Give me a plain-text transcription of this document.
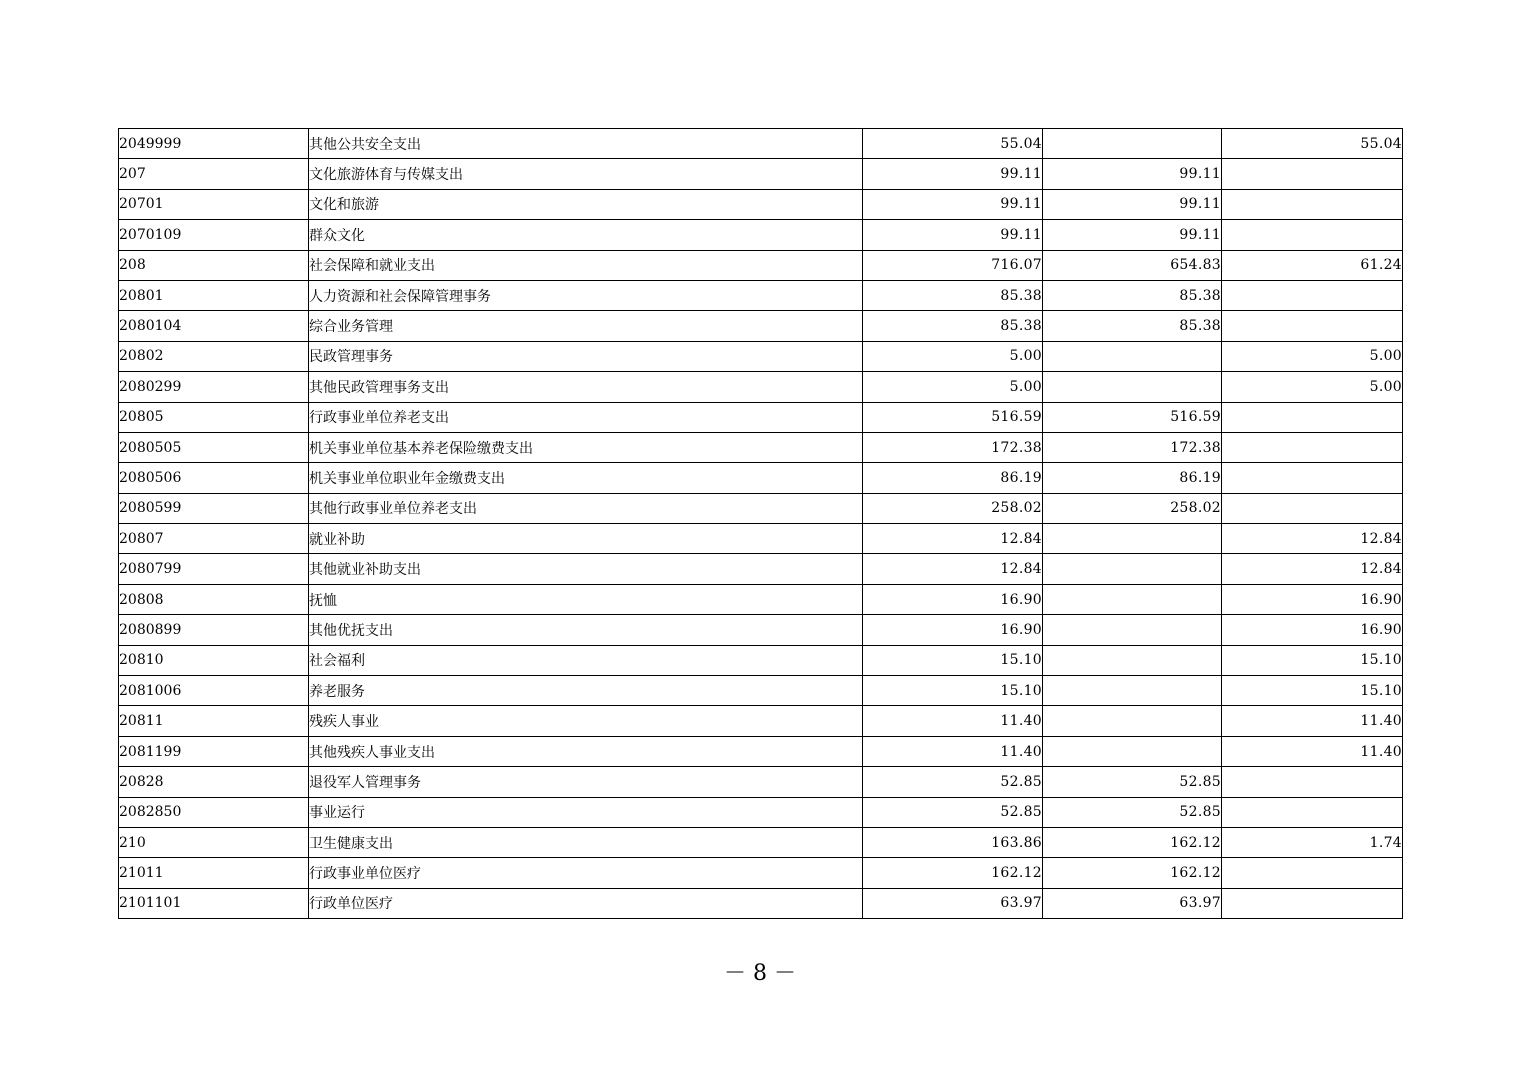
2049999	其他公共安全支出	55.04		55.04
207	文化旅游体育与传媒支出	99.11	99.11	
20701	文化和旅游	99.11	99.11	
2070109	群众文化	99.11	99.11	
208	社会保障和就业支出	716.07	654.83	61.24
20801	人力资源和社会保障管理事务	85.38	85.38	
2080104	综合业务管理	85.38	85.38	
20802	民政管理事务	5.00		5.00
2080299	其他民政管理事务支出	5.00		5.00
20805	行政事业单位养老支出	516.59	516.59	
2080505	机关事业单位基本养老保险缴费支出	172.38	172.38	
2080506	机关事业单位职业年金缴费支出	86.19	86.19	
2080599	其他行政事业单位养老支出	258.02	258.02	
20807	就业补助	12.84		12.84
2080799	其他就业补助支出	12.84		12.84
20808	抚恤	16.90		16.90
2080899	其他优抚支出	16.90		16.90
20810	社会福利	15.10		15.10
2081006	养老服务	15.10		15.10
20811	残疾人事业	11.40		11.40
2081199	其他残疾人事业支出	11.40		11.40
20828	退役军人管理事务	52.85	52.85	
2082850	事业运行	52.85	52.85	
210	卫生健康支出	163.86	162.12	1.74
21011	行政事业单位医疗	162.12	162.12	
2101101	行政单位医疗	63.97	63.97	
－ 8 －
